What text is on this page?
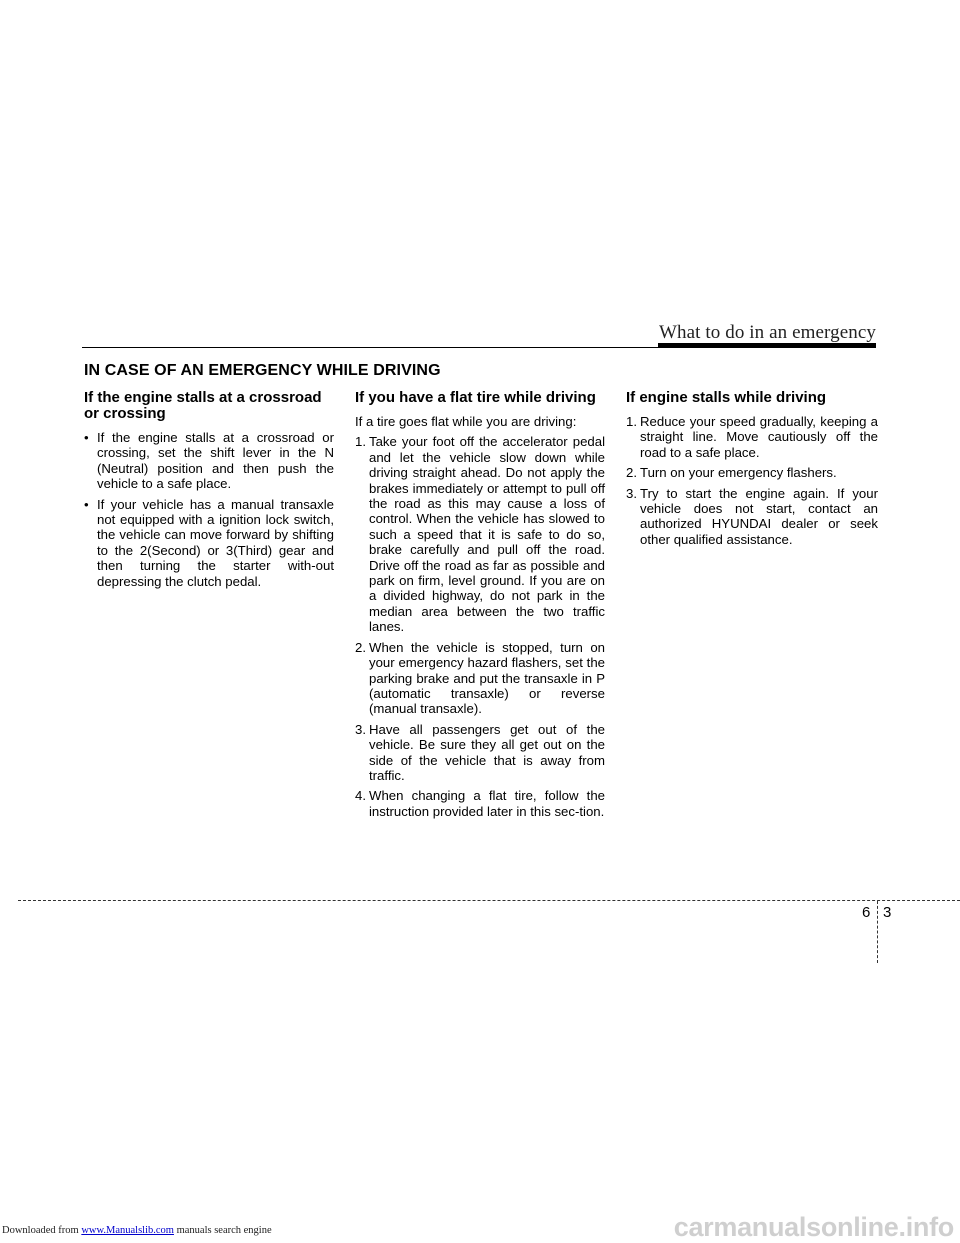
What to do in an emergency
IN CASE OF AN EMERGENCY WHILE DRIVING
If the engine stalls at a crossroad or crossing
• If the engine stalls at a crossroad or crossing, set the shift lever in the N (Neutral) position and then push the vehicle to a safe place.
• If your vehicle has a manual transaxle not equipped with a ignition lock switch, the vehicle can move forward by shifting to the 2(Second) or 3(Third) gear and then turning the starter with-out depressing the clutch pedal.
If you have a flat tire while driving

If a tire goes flat while you are driving:

1. Take your foot off the accelerator pedal and let the vehicle slow down while driving straight ahead. Do not apply the brakes immediately or attempt to pull off the road as this may cause a loss of control. When the vehicle has slowed to such a speed that it is safe to do so, brake carefully and pull off the road. Drive off the road as far as possible and park on firm, level ground. If you are on a divided highway, do not park in the median area between the two traffic lanes.
2. When the vehicle is stopped, turn on your emergency hazard flashers, set the parking brake and put the transaxle in P (automatic transaxle) or reverse (manual transaxle).
3. Have all passengers get out of the vehicle. Be sure they all get out on the side of the vehicle that is away from traffic.
4. When changing a flat tire, follow the instruction provided later in this sec-tion.
If engine stalls while driving
1. Reduce your speed gradually, keeping a straight line. Move cautiously off the road to a safe place.
2. Turn on your emergency flashers.
3. Try to start the engine again. If your vehicle does not start, contact an authorized HYUNDAI dealer or seek other qualified assistance.
6 3
Downloaded from www.Manualslib.com manuals search engine	carmanualsonline.info
